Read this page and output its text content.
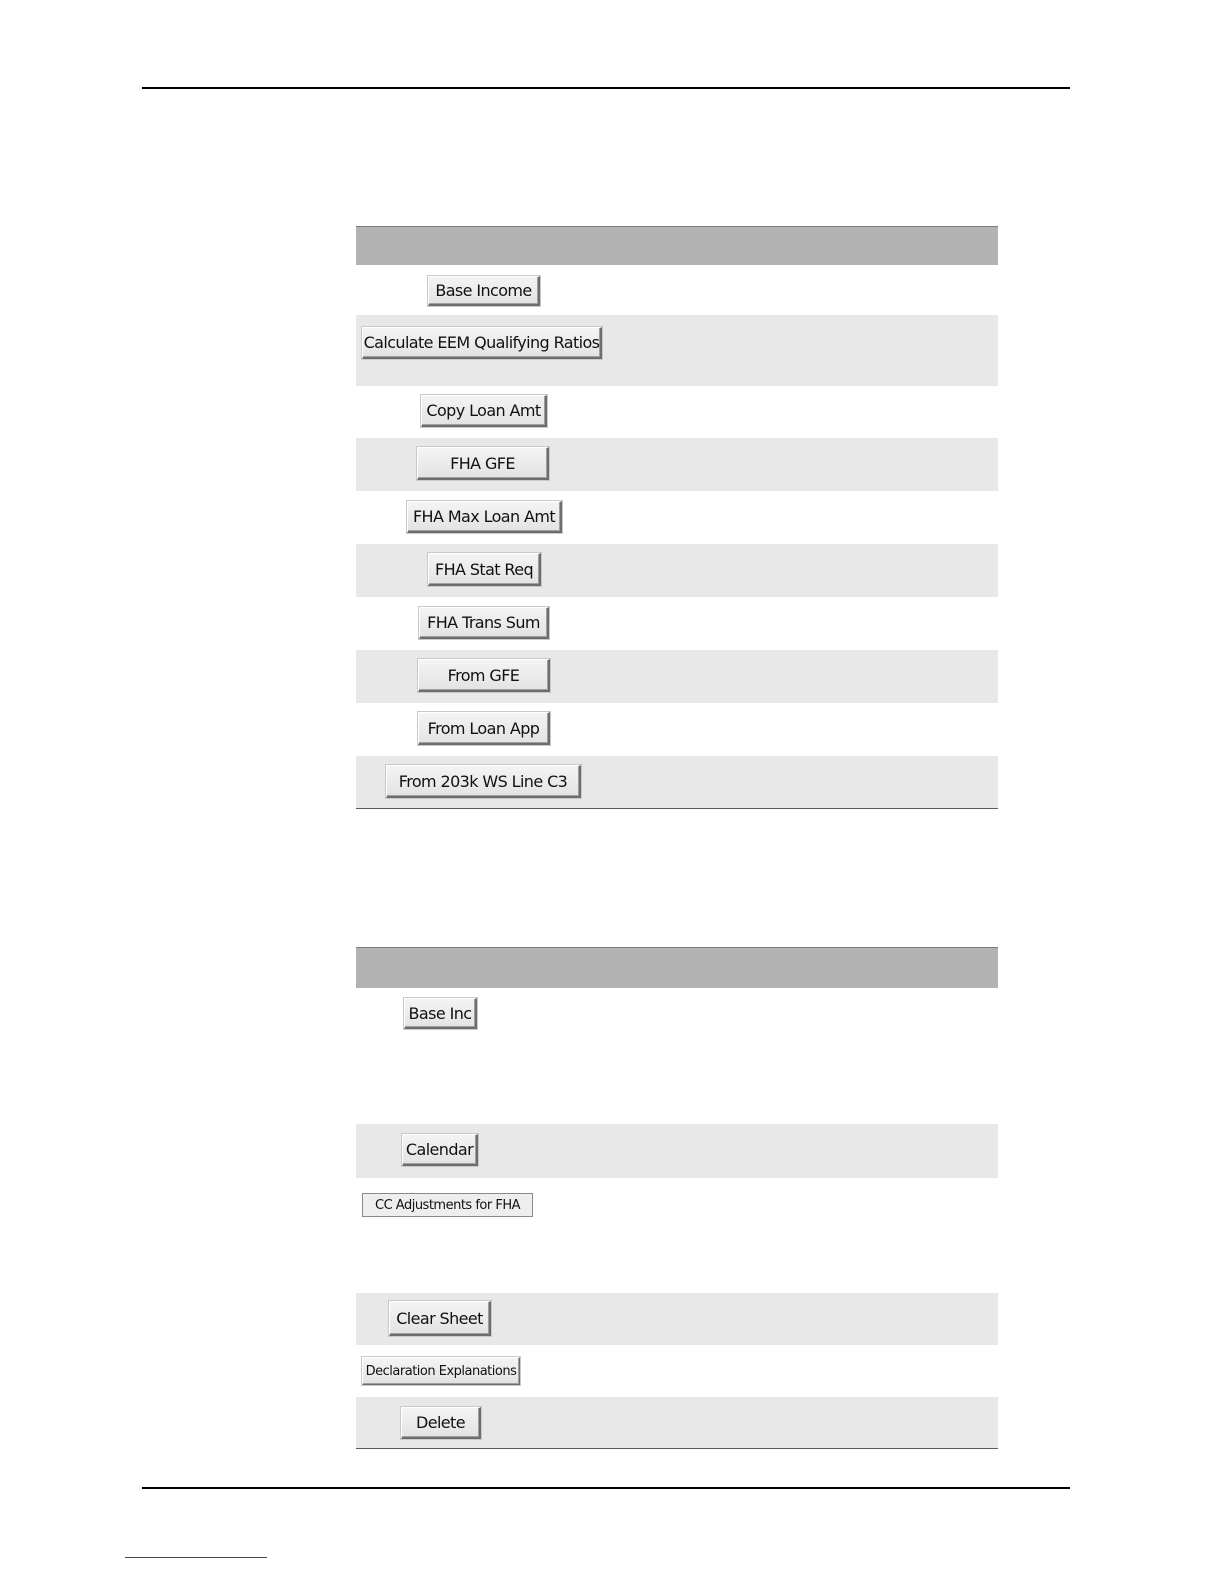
Base Income
Calculate EEM Qualifying Ratios
Copy Loan Amt
FHA GFE
FHA Max Loan Amt
FHA Stat Req
FHA Trans Sum
From GFE
From Loan App
From 203k WS Line C3
Base Inc
Calendar
CC Adjustments for FHA
Clear Sheet
Declaration Explanations
Delete
